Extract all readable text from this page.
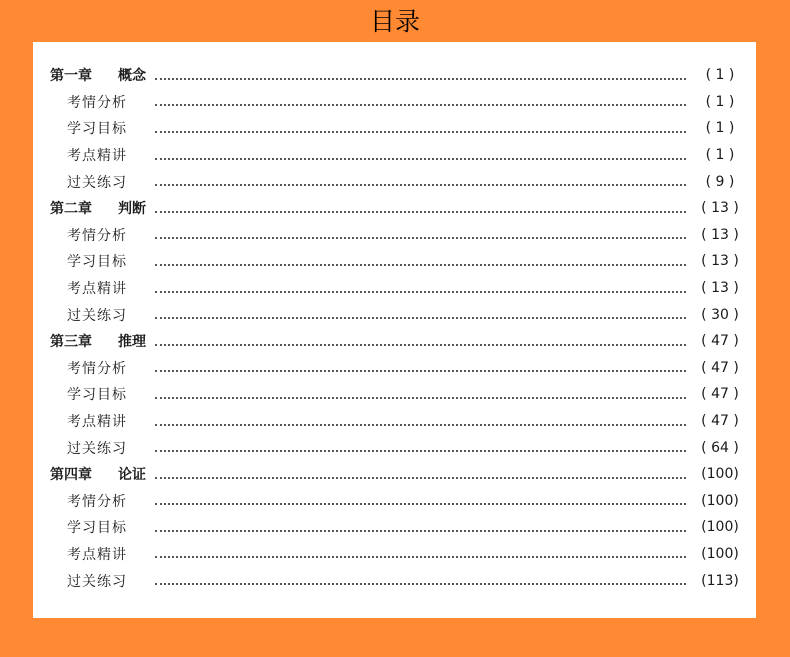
目录
第一章 概念	( 1 )
考情分析	( 1 )
学习目标	( 1 )
考点精讲	( 1 )
过关练习	( 9 )
第二章 判断	( 13 )
考情分析	( 13 )
学习目标	( 13 )
考点精讲	( 13 )
过关练习	( 30 )
第三章 推理	( 47 )
考情分析	( 47 )
学习目标	( 47 )
考点精讲	( 47 )
过关练习	( 64 )
第四章 论证	(100)
考情分析	(100)
学习目标	(100)
考点精讲	(100)
过关练习	(113)
